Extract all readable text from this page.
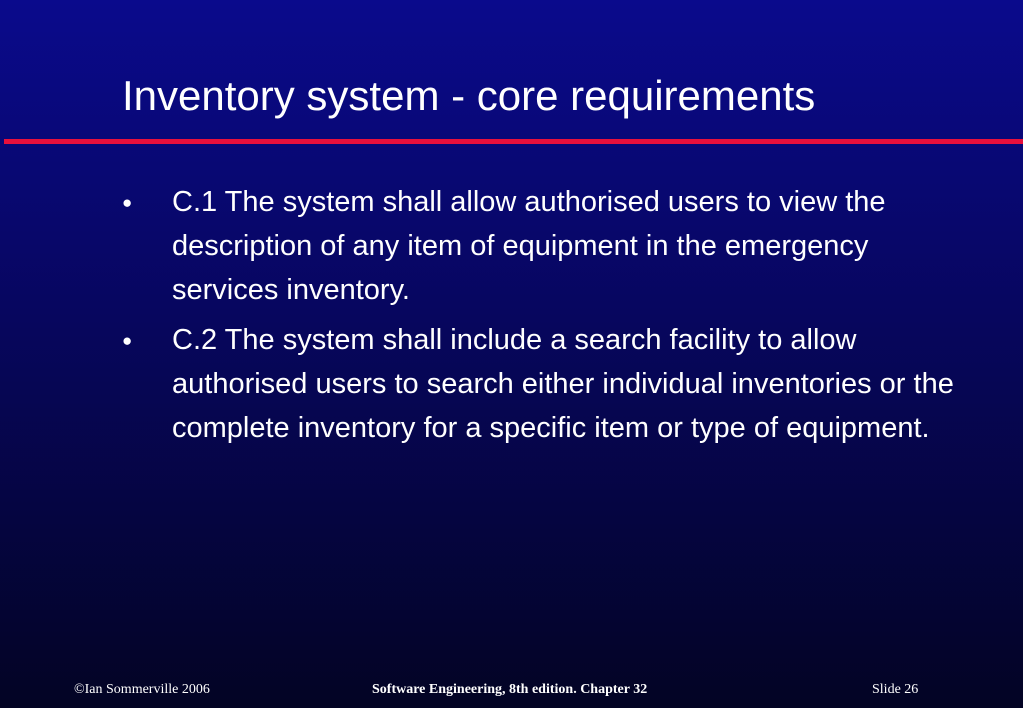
Inventory system - core requirements
● C.1 The system shall allow authorised users to view the description of any item of equipment in the emergency services inventory.
● C.2 The system shall include a search facility to allow authorised users to search either individual inventories or the complete inventory for a specific item or type of equipment.
©Ian Sommerville 2006	Software Engineering, 8th edition. Chapter 32	Slide 26
